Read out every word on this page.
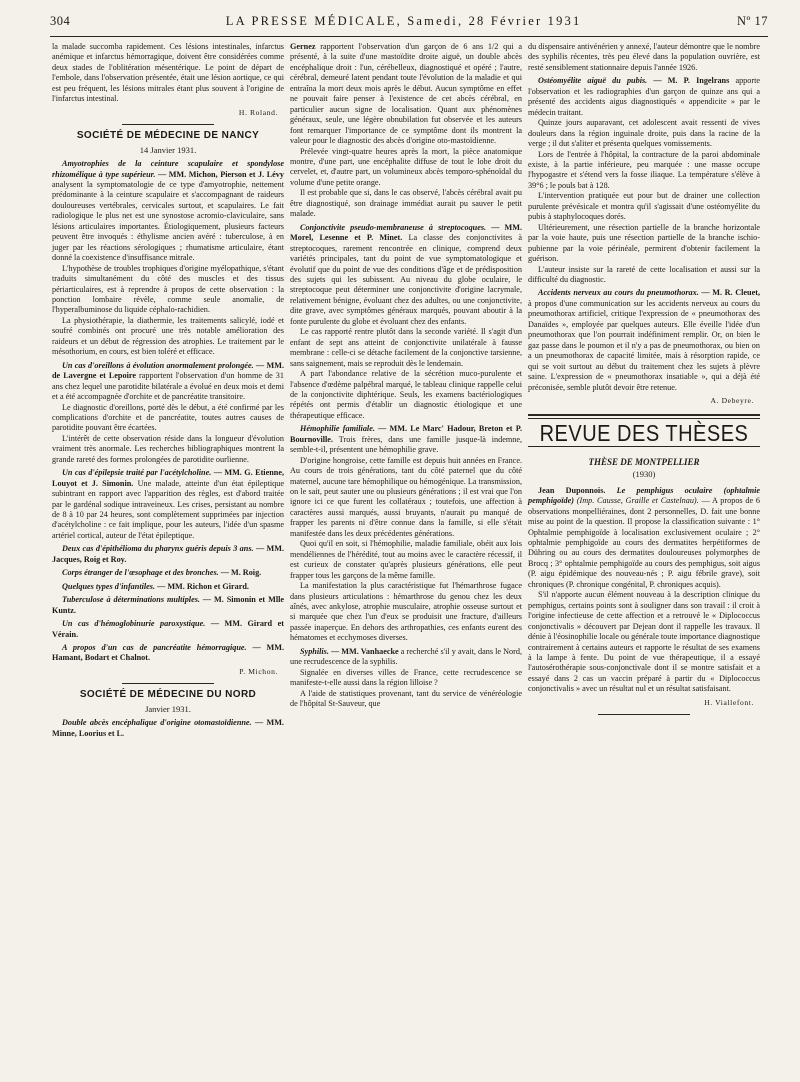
304	LA PRESSE MÉDICALE, Samedi, 28 Février 1931	Nº 17

la malade succomba rapidement. Ces lésions intestinales, infarctus anémique et infarctus hémorragique, doivent être considérées comme deux stades de l'oblitération mésentérique. Le point de départ de l'embole, dans l'observation présentée, était une lésion aortique, ce qui est peu fréquent, les lésions mitrales étant plus souvent à l'origine de l'infarctus intestinal.

H. Roland.

SOCIÉTÉ DE MÉDECINE DE NANCY
14 Janvier 1931.

Amyotrophies de la ceinture scapulaire et spondylose rhizomélique à type supérieur. — MM. Michon, Pierson et J. Lévy analysent la symptomatologie de ce type d'amyotrophie, nettement prédominante à la ceinture scapulaire et s'accompagnant de raideurs douloureuses vertébrales, cervicales surtout, et scapulaires. Le fait radiologique le plus net est une synostose acromio-claviculaire, sans lésions articulaires importantes. Étiologiquement, plusieurs facteurs peuvent être invoqués : éthylisme ancien avéré : tuberculose, à en juger par les réactions sérologiques ; rhumatisme articulaire, étant donné la coexistence d'insuffisance mitrale.

L'hypothèse de troubles trophiques d'origine myélopathique, s'étant traduits simultanément du côté des muscles et des tissus périarticulaires, est à reprendre à propos de cette observation : la ponction lombaire révèle, comme seule anomalie, de l'hyperalbuminose du liquide céphalo-rachidien.

La physiothérapie, la diathermie, les traitements salicylé, iodé et soufré combinés ont procuré une très notable amélioration des raideurs et un début de régression des atrophies. Le traitement par le mésothorium, en cours, est bien toléré et efficace.

Un cas d'oreillons à évolution anormalement prolongée. — MM. de Lavergne et Lepoire rapportent l'observation d'un homme de 31 ans chez lequel une parotidite bilatérale a évolué en deux mois et demi et a été accompagnée d'orchite et de pancréatite transitoire.

Le diagnostic d'oreillons, porté dès le début, a été confirmé par les complications d'orchite et de pancréatite, toutes autres causes de parotidite pouvant être écartées.

L'intérêt de cette observation réside dans la longueur d'évolution vraiment très anormale. Les recherches bibliographiques montrent la grande rareté des formes prolongées de parotidite ourlienne.

Un cas d'épilepsie traité par l'acétylcholine. — MM. G. Etienne, Louyot et J. Simonin. Une malade, atteinte d'un état épileptique subintrant en rapport avec l'apparition des règles, est d'abord traitée par le gardénal sodique intraveineux. Les crises, persistant au nombre de 8 à 10 par 24 heures, sont complètement supprimées par injection d'acétylcholine : ce fait implique, pour les auteurs, l'idée d'un spasme artériel cortical, auteur de l'état épileptique.

Deux cas d'épithélioma du pharynx guéris depuis 3 ans. — MM. Jacques, Roig et Roy.

Corps étranger de l'œsophage et des bronches. — M. Roig.

Quelques types d'infantiles. — MM. Richon et Girard.

Tuberculose à déterminations multiples. — M. Simonin et Mlle Kuntz.

Un cas d'hémoglobinurie paroxystique. — MM. Girard et Vérain.

A propos d'un cas de pancréatite hémorragique. — MM. Hamant, Bodart et Chalnot.

P. Michon.

SOCIÉTÉ DE MÉDECINE DU NORD
Janvier 1931.

Double abcès encéphalique d'origine otomastoïdienne. — MM. Minne, Loorius et L.

Gernez rapportent l'observation d'un garçon de 6 ans 1/2 qui a présenté, à la suite d'une mastoïdite droite aiguë, un double abcès encéphalique droit : l'un, cérébelleux, diagnostiqué et opéré ; l'autre, cérébral, demeuré latent pendant toute l'évolution de la maladie et qui entraîna la mort deux mois après le début. Aucun symptôme en effet ne pouvait faire penser à l'existence de cet abcès cérébral, en particulier aucun signe de localisation. Quant aux phénomènes généraux, seule, une légère obnubilation fut observée et les auteurs font remarquer l'importance de ce symptôme dont ils montrent la valeur pour le diagnostic des abcès d'origine oto-mastoïdienne.

Prélevée vingt-quatre heures après la mort, la pièce anatomique montre, d'une part, une encéphalite diffuse de tout le lobe droit du cervelet, et, d'autre part, un volumineux abcès temporo-sphénoïdal du volume d'une petite orange.

Il est probable que si, dans le cas observé, l'abcès cérébral avait pu être diagnostiqué, son drainage immédiat aurait pu sauver le petit malade.

Conjonctivite pseudo-membraneuse à streptocoques. — MM. Morel, Lesenne et P. Minet. La classe des conjonctivites à streptocoques, rarement rencontrée en clinique, comprend deux variétés principales, tant du point de vue symptomatologique et évolutif que du point de vue des conditions d'âge et de prédisposition des sujets qui les subissent. Au niveau du globe oculaire, le streptocoque peut déterminer une conjonctivite d'origine lacrymale, relativement bénigne, évoluant chez des adultes, ou une conjonctivite, dite grave, avec symptômes généraux marqués, pouvant aboutir à la fonte purulente du globe et évoluant chez des enfants.

Le cas rapporté rentre plutôt dans la seconde variété. Il s'agit d'un enfant de sept ans atteint de conjonctivite unilatérale à fausse membrane : celle-ci se détache facilement de la conjonctive tarsienne, sans saignement, mais se reproduit dès le lendemain.

A part l'abondance relative de la sécrétion muco-purulente et l'absence d'œdème palpébral marqué, le tableau clinique rappelle celui de la conjonctivite diphtérique. Seuls, les examens bactériologiques répétés ont permis d'établir un diagnostic étiologique et une thérapeutique efficace.

Hémophilie familiale. — MM. Le Marc' Hadour, Breton et P. Bournoville. Trois frères, dans une famille jusque-là indemne, semble-t-il, présentent une hémophilie grave.

D'origine hongroise, cette famille est depuis huit années en France. Au cours de trois générations, tant du côté paternel que du côté maternel, aucune tare hémophilique ou hémogénique. La transmission, on le sait, peut sauter une ou plusieurs générations ; il est vrai que l'on ignore ici ce que furent les collatéraux ; toutefois, une affection à caractères aussi marqués, aussi bruyants, n'aurait pu manqué de frapper les parents ni d'être connue dans la famille, si elle s'était manifestée dans les deux précédentes générations.

Quoi qu'il en soit, si l'hémophilie, maladie familiale, obéit aux lois mendéliennes de l'hérédité, tout au moins avec le caractère récessif, il est curieux de constater qu'après plusieurs générations, elle peut frapper tous les garçons de la même famille.

La manifestation la plus caractéristique fut l'hémarthrose fugace dans plusieurs articulations : hémarthrose du genou chez les deux aînés, avec ankylose, atrophie musculaire, atrophie osseuse surtout et si marquée que chez l'un d'eux se produisit une fracture, d'ailleurs passée inaperçue. En dehors des arthropathies, ces enfants eurent des hématomes et ecchymoses diverses.

Syphilis. — MM. Vanhaecke a recherché s'il y avait, dans le Nord, une recrudescence de la syphilis.

Signalée en diverses villes de France, cette recrudescence se manifeste-t-elle aussi dans la région lilloise ?

A l'aide de statistiques provenant, tant du service de vénéréologie de l'hôpital St-Sauveur, que

du dispensaire antivénérien y annexé, l'auteur démontre que le nombre des syphilis récentes, très peu élevé dans la population ouvrière, est resté sensiblement stationnaire depuis l'année 1926.

Ostéomyélite aiguë du pubis. — M. P. Ingelrans apporte l'observation et les radiographies d'un garçon de quinze ans qui a présenté des accidents aigus diagnostiqués « appendicite » par le médecin traitant.

Quinze jours auparavant, cet adolescent avait ressenti de vives douleurs dans la région inguinale droite, puis dans la racine de la verge ; il dut s'aliter et présenta quelques vomissements.

Lors de l'entrée à l'hôpital, la contracture de la paroi abdominale existe, à la partie inférieure, peu marquée : une masse occupe l'hypogastre et s'étend vers la fosse iliaque. La température s'élève à 39°6 ; le pouls bat à 128.

L'intervention pratiquée eut pour but de drainer une collection purulente prévésicale et montra qu'il s'agissait d'une ostéomyélite du pubis à staphylocoques dorés.

Ultérieurement, une résection partielle de la branche horizontale par la voie haute, puis une résection partielle de la branche ischio-pubienne par la voie périnéale, permirent d'obtenir facilement la guérison.

L'auteur insiste sur la rareté de cette localisation et aussi sur la difficulté du diagnostic.

Accidents nerveux au cours du pneumothorax. — M. R. Cleuet, à propos d'une communication sur les accidents nerveux au cours du pneumothorax artificiel, critique l'expression de « pneumothorax des Danaïdes », employée par quelques auteurs. Elle éveille l'idée d'un pneumothorax que l'on pourrait indéfiniment remplir. Or, on bien le gaz passe dans le poumon et il n'y a pas de pneumothorax, ou bien on a un pneumothorax de capacité limitée, mais à résorption rapide, ce qui se voit surtout au début du traitement chez les sujets à plèvre saine. L'expression de « pneumothorax insatiable », qui a déjà été préconisée, semble plutôt devoir être retenue.

A. Debeyre.

REVUE DES THÈSES
THÈSE DE MONTPELLIER
(1930)

Jean Duponnois. Le pemphigus oculaire (ophtalmie pemphigoïde) (Imp. Causse, Graille et Castelnau). — A propos de 6 observations monpelliéraines, dont 2 personnelles, D. fait une bonne mise au point de la question. Il propose la classification suivante : 1° Ophtalmie pemphigoïde à localisation exclusivement oculaire ; 2° ophtalmie pemphigoïde au cours des dermatites herpétiformes de Dühring ou au cours des dermatites douloureuses polymorphes de Brocq ; 3° ophtalmie pemphigoïde au cours des pemphigus, soit aigus (P. aigu épidémique des nouveau-nés ; P. aigu fébrile grave), soit chroniques (P. chronique congénital, P. chroniques acquis).

S'il n'apporte aucun élément nouveau à la description clinique du pemphigus, certains points sont à souligner dans son travail : il croit à l'origine infectieuse de cette affection et a retrouvé le « Diplococcus conjonctivalis » découvert par Dejean dont il rappelle les travaux. Il dénie à l'éosinophilie locale ou générale toute importance diagnostique contrairement à certains auteurs et rapporte le résultat de ses examens à la lampe à fente. Du point de vue thérapeutique, il a essayé l'autosérothérapie sous-conjonctivale dont il se montre satisfait et a essayé dans 2 cas un vaccin préparé à partir du « Diplococcus conjonctivalis » avec un résultat nul et un résultat satisfaisant.

H. Viallefont.
